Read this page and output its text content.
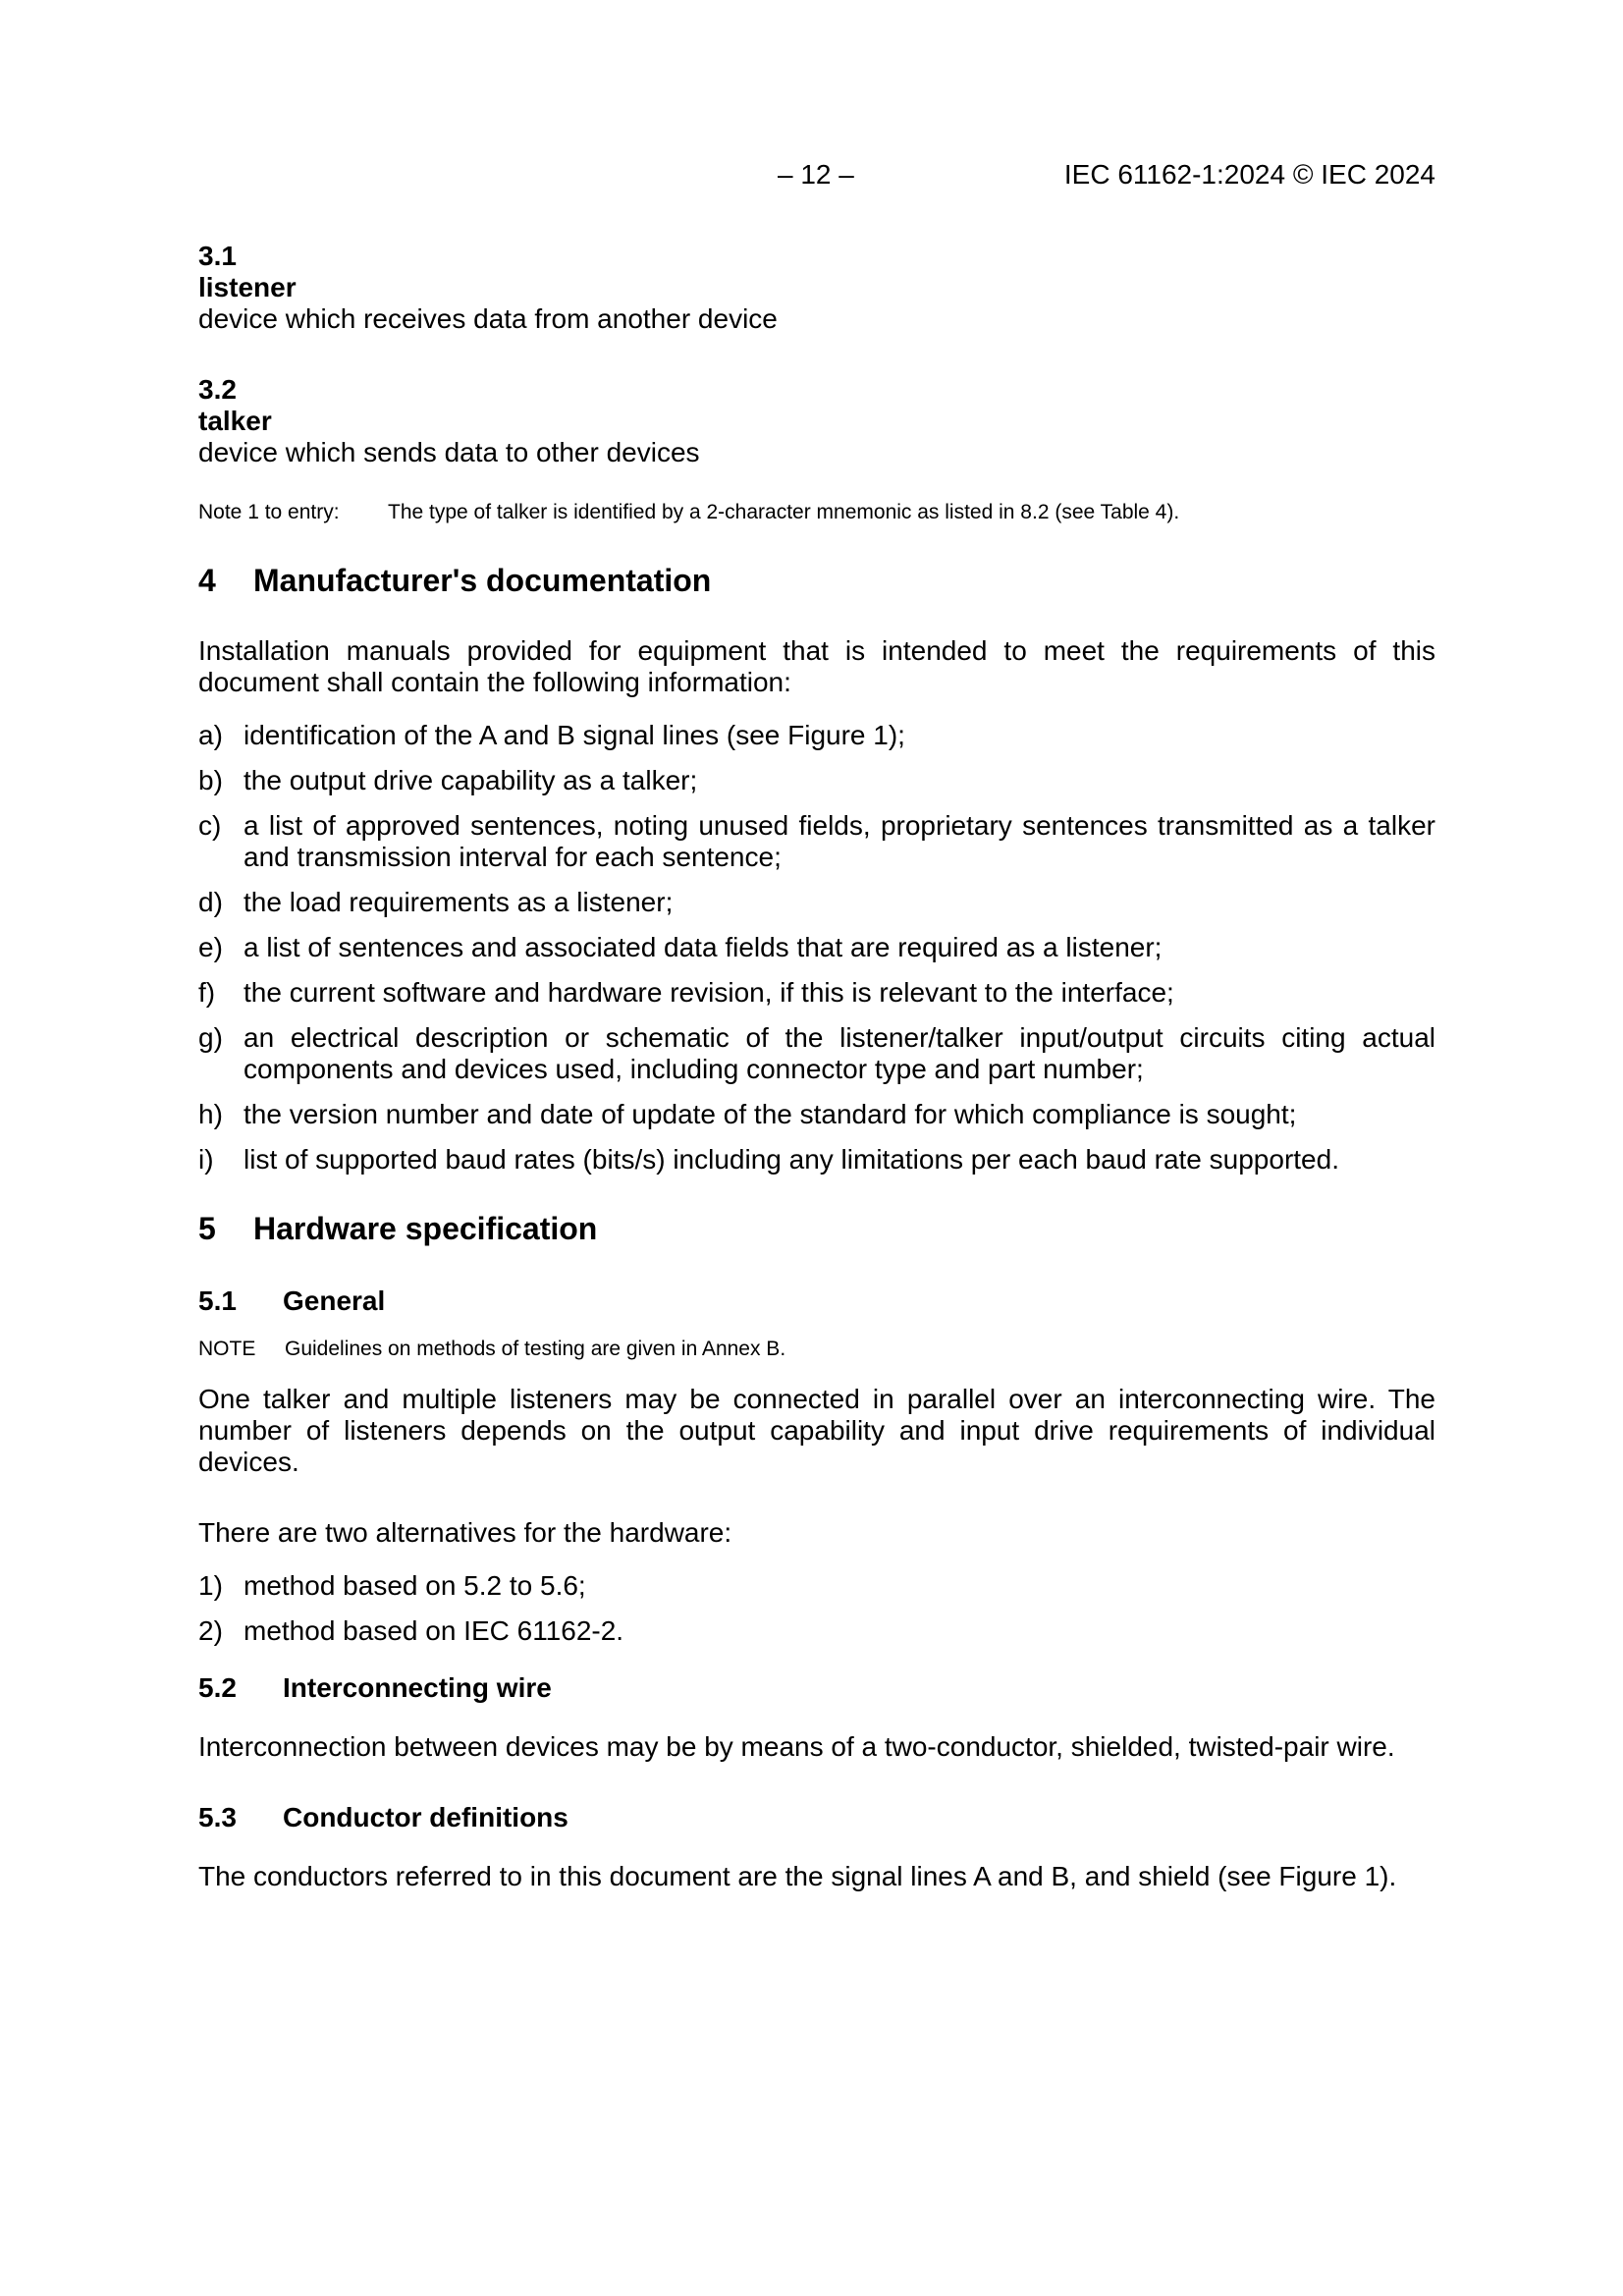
– 12 –	IEC 61162-1:2024 © IEC 2024
3.1
listener
device which receives data from another device
3.2
talker
device which sends data to other devices
Note 1 to entry: The type of talker is identified by a 2-character mnemonic as listed in 8.2 (see Table 4).
4 Manufacturer's documentation

Installation manuals provided for equipment that is intended to meet the requirements of this document shall contain the following information:

a) identification of the A and B signal lines (see Figure 1);
b) the output drive capability as a talker;
c) a list of approved sentences, noting unused fields, proprietary sentences transmitted as a talker and transmission interval for each sentence;
d) the load requirements as a listener;
e) a list of sentences and associated data fields that are required as a listener;
f) the current software and hardware revision, if this is relevant to the interface;
g) an electrical description or schematic of the listener/talker input/output circuits citing actual components and devices used, including connector type and part number;
h) the version number and date of update of the standard for which compliance is sought;
i) list of supported baud rates (bits/s) including any limitations per each baud rate supported.
5 Hardware specification
5.1 General
NOTE Guidelines on methods of testing are given in Annex B.

One talker and multiple listeners may be connected in parallel over an interconnecting wire. The number of listeners depends on the output capability and input drive requirements of individual devices.

There are two alternatives for the hardware:

1) method based on 5.2 to 5.6;
2) method based on IEC 61162-2.
5.2 Interconnecting wire

Interconnection between devices may be by means of a two-conductor, shielded, twisted-pair wire.

5.3 Conductor definitions

The conductors referred to in this document are the signal lines A and B, and shield (see Figure 1).
